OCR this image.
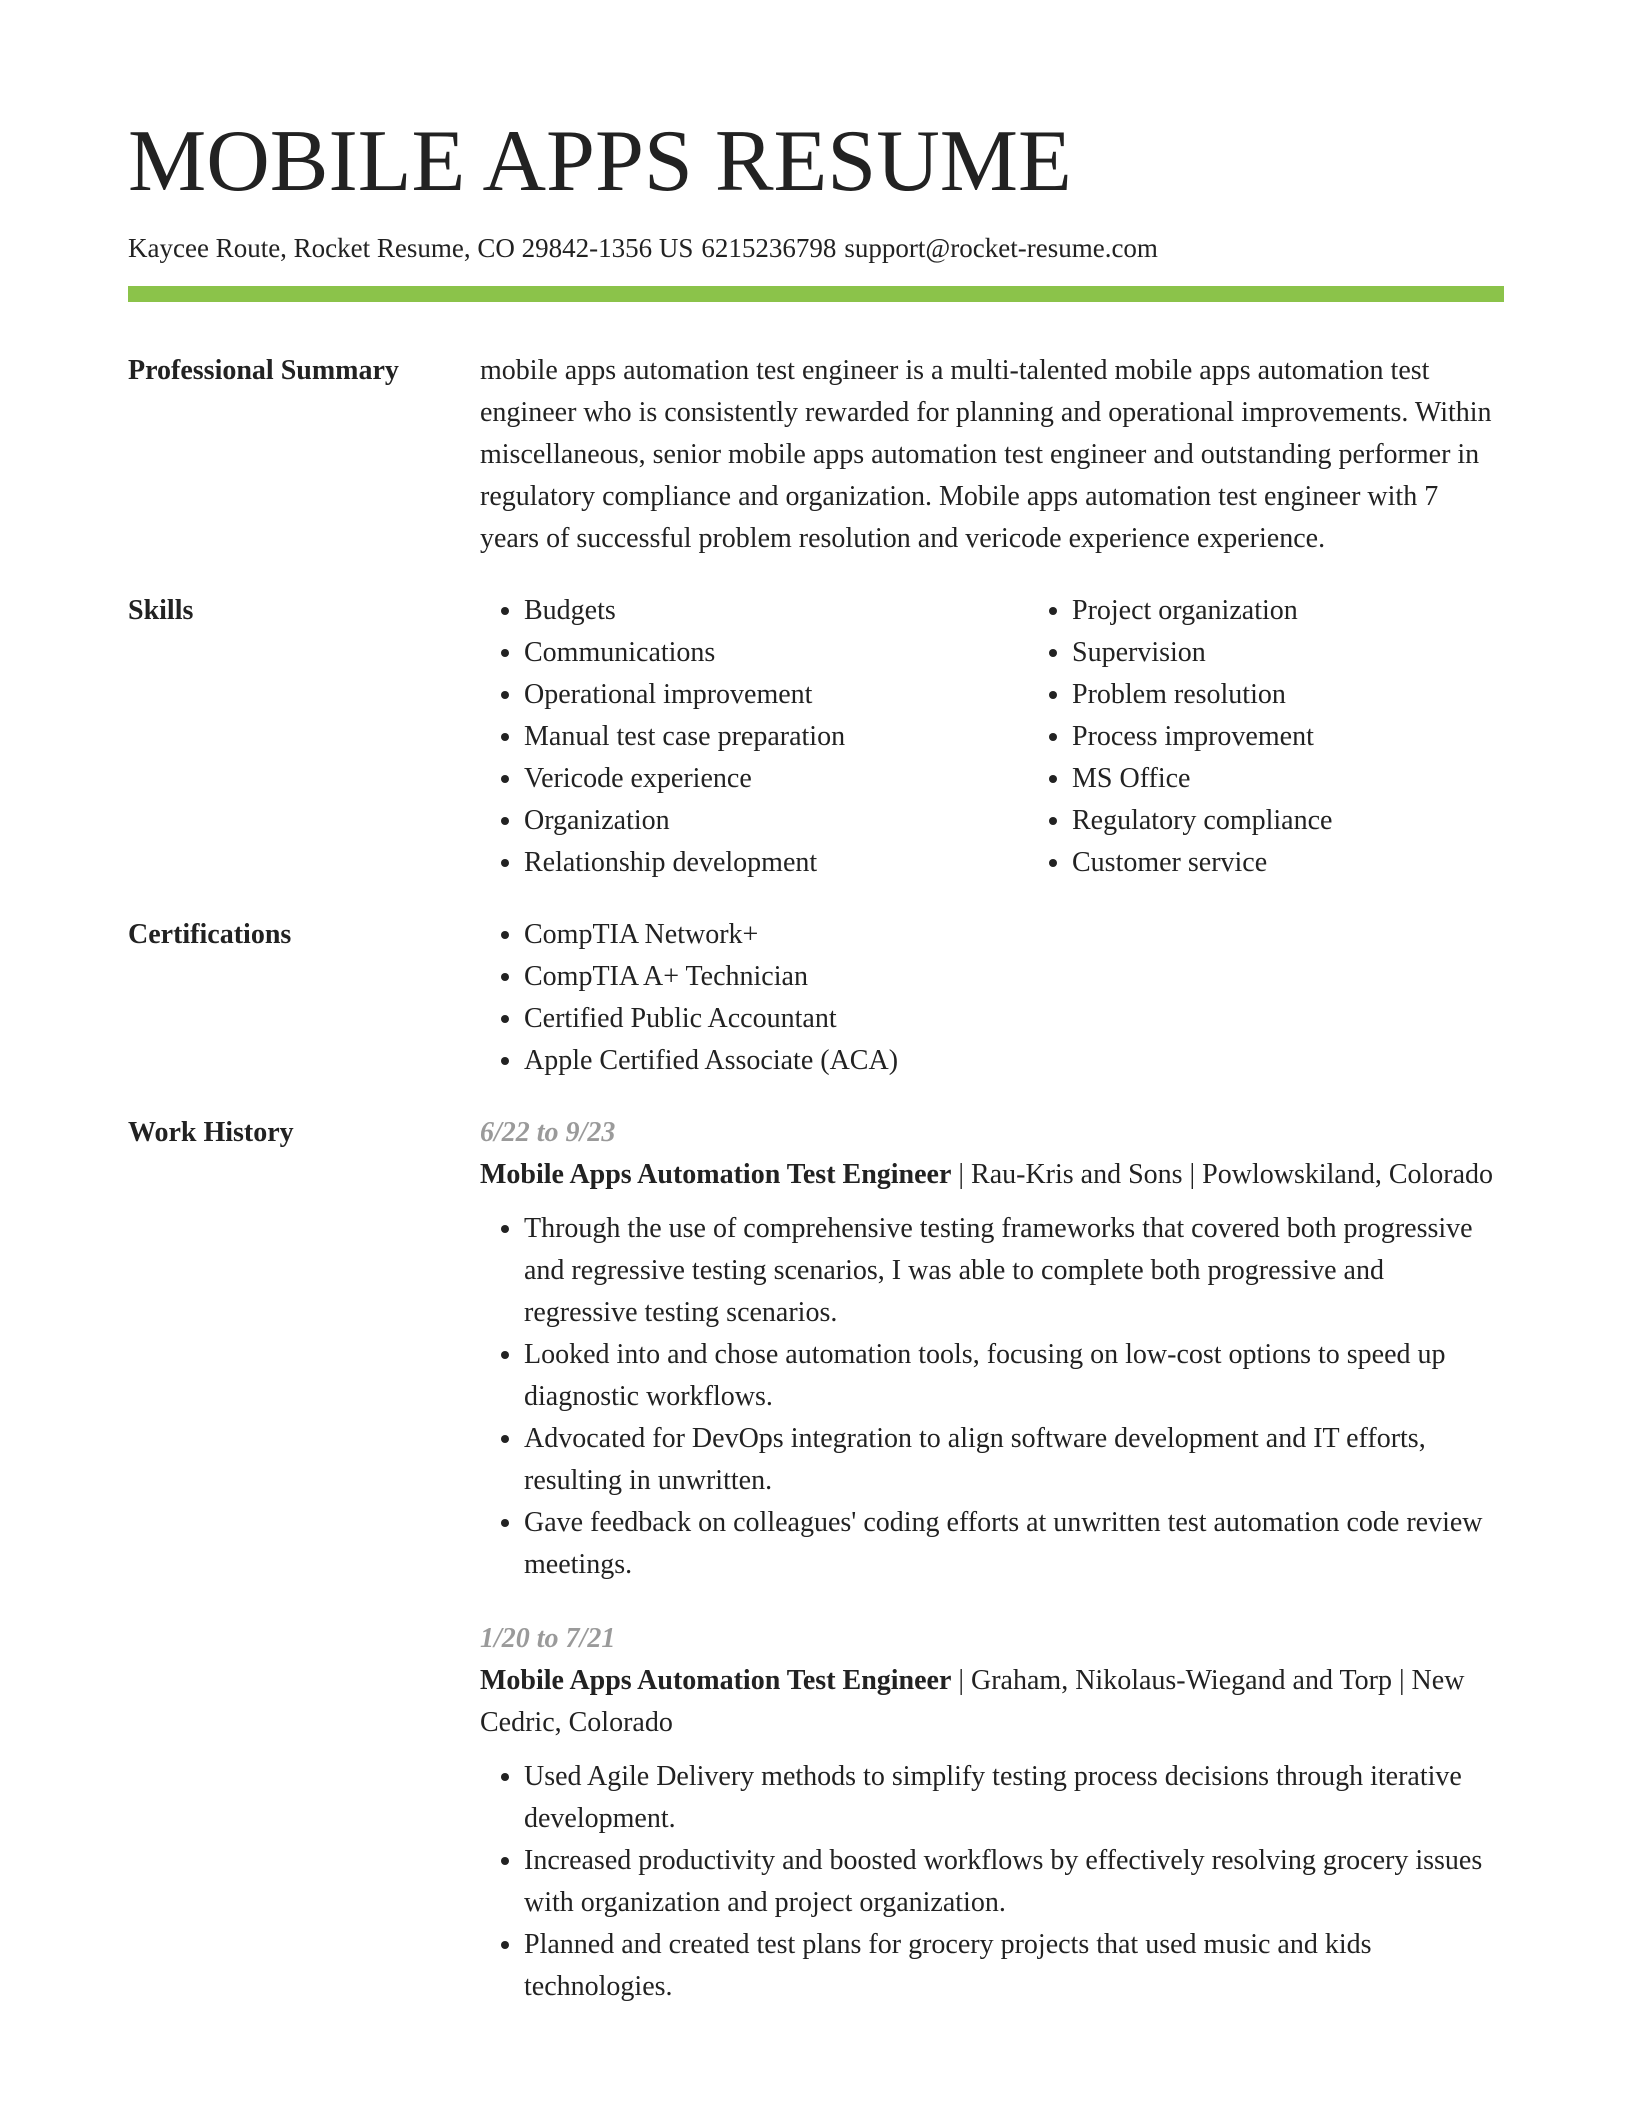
MOBILE APPS RESUME
Kaycee Route, Rocket Resume, CO 29842-1356 US 6215236798 support@rocket-resume.com
Professional Summary	mobile apps automation test engineer is a multi-talented mobile apps automation test engineer who is consistently rewarded for planning and operational improvements. Within miscellaneous, senior mobile apps automation test engineer and outstanding performer in regulatory compliance and organization. Mobile apps automation test engineer with 7 years of successful problem resolution and vericode experience experience.
Skills	• Budgets
• Communications
• Operational improvement
• Manual test case preparation
• Vericode experience
• Organization
• Relationship development
• Project organization
• Supervision
• Problem resolution
• Process improvement
• MS Office
• Regulatory compliance
• Customer service
Certifications	• CompTIA Network+
• CompTIA A+ Technician
• Certified Public Accountant
• Apple Certified Associate (ACA)
Work History	6/22 to 9/23
Mobile Apps Automation Test Engineer | Rau-Kris and Sons | Powlowskiland, Colorado
• Through the use of comprehensive testing frameworks that covered both progressive and regressive testing scenarios, I was able to complete both progressive and regressive testing scenarios.
• Looked into and chose automation tools, focusing on low-cost options to speed up diagnostic workflows.
• Advocated for DevOps integration to align software development and IT efforts, resulting in unwritten.
• Gave feedback on colleagues' coding efforts at unwritten test automation code review meetings.
1/20 to 7/21
Mobile Apps Automation Test Engineer | Graham, Nikolaus-Wiegand and Torp | New Cedric, Colorado
• Used Agile Delivery methods to simplify testing process decisions through iterative development.
• Increased productivity and boosted workflows by effectively resolving grocery issues with organization and project organization.
• Planned and created test plans for grocery projects that used music and kids technologies.
